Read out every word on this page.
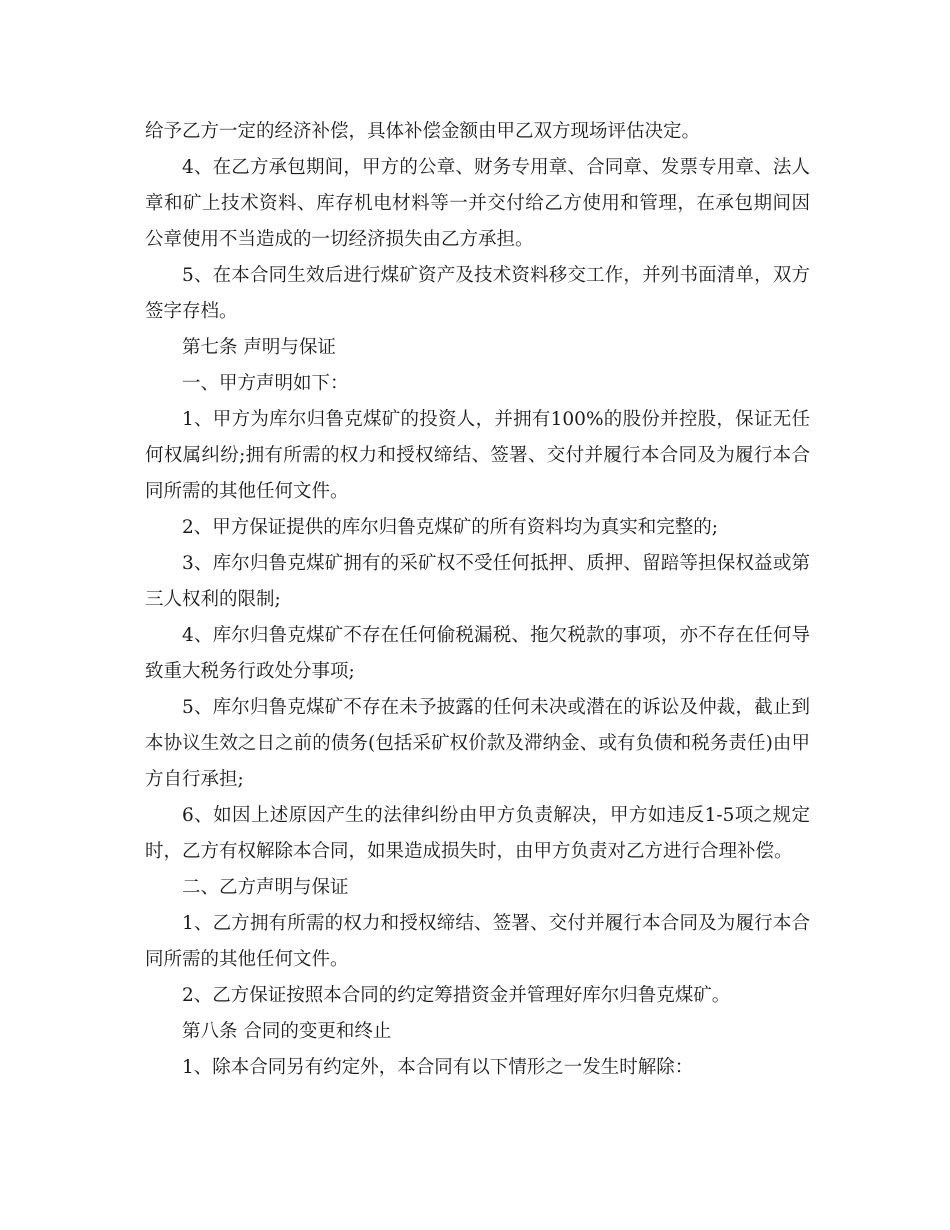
给予乙方一定的经济补偿，具体补偿金额由甲乙双方现场评估决定。

4、在乙方承包期间，甲方的公章、财务专用章、合同章、发票专用章、法人章和矿上技术资料、库存机电材料等一并交付给乙方使用和管理，在承包期间因公章使用不当造成的一切经济损失由乙方承担。

5、在本合同生效后进行煤矿资产及技术资料移交工作，并列书面清单，双方签字存档。

第七条 声明与保证

一、甲方声明如下：

1、甲方为库尔归鲁克煤矿的投资人，并拥有100%的股份并控股，保证无任何权属纠纷;拥有所需的权力和授权缔结、签署、交付并履行本合同及为履行本合同所需的其他任何文件。

2、甲方保证提供的库尔归鲁克煤矿的所有资料均为真实和完整的;

3、库尔归鲁克煤矿拥有的采矿权不受任何抵押、质押、留踣等担保权益或第三人权利的限制;

4、库尔归鲁克煤矿不存在任何偷税漏税、拖欠税款的事项，亦不存在任何导致重大税务行政处分事项;

5、库尔归鲁克煤矿不存在未予披露的任何未决或潜在的诉讼及仲裁，截止到本协议生效之日之前的债务(包括采矿权价款及滞纳金、或有负债和税务责任)由甲方自行承担;

6、如因上述原因产生的法律纠纷由甲方负责解决，甲方如违反1-5项之规定时，乙方有权解除本合同，如果造成损失时，由甲方负责对乙方进行合理补偿。

二、乙方声明与保证

1、乙方拥有所需的权力和授权缔结、签署、交付并履行本合同及为履行本合同所需的其他任何文件。

2、乙方保证按照本合同的约定筹措资金并管理好库尔归鲁克煤矿。

第八条 合同的变更和终止

1、除本合同另有约定外，本合同有以下情形之一发生时解除：
